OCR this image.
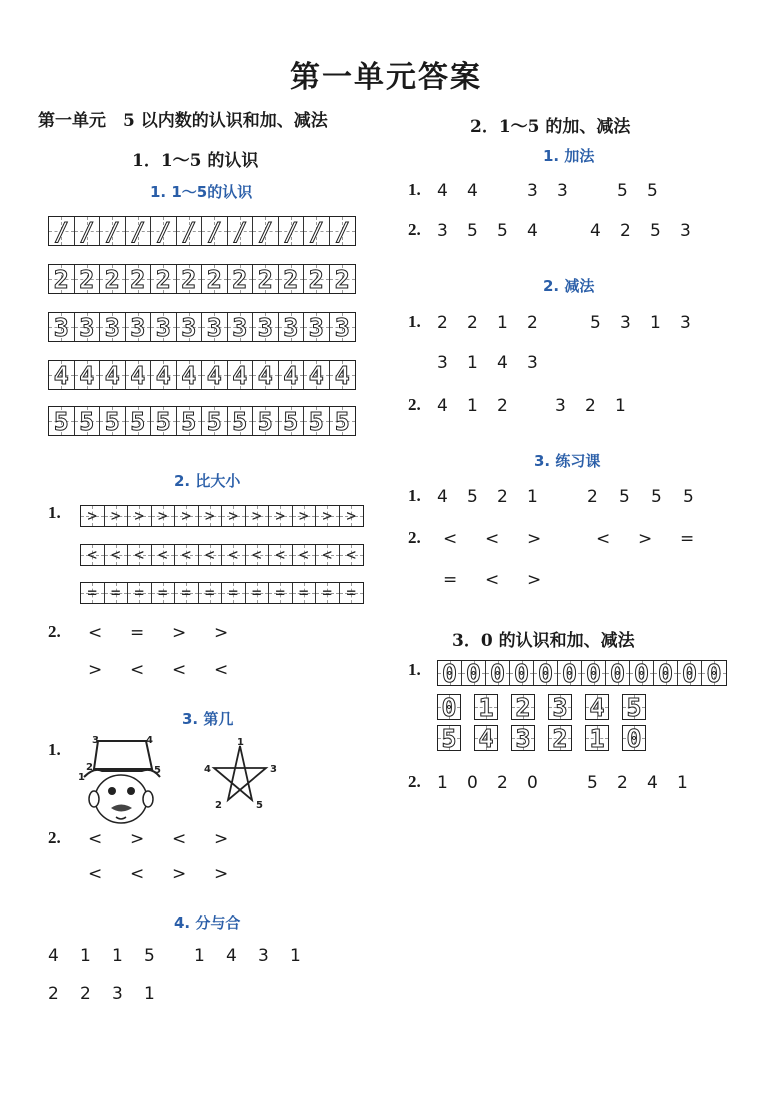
第一单元答案
第一单元　5 以内数的认识和加、减法
1．1～5 的认识
1. 1～5的认识
/ / / / / / / / / / / /
2 2 2 2 2 2 2 2 2 2 2 2
3 3 3 3 3 3 3 3 3 3 3 3
4 4 4 4 4 4 4 4 4 4 4 4
5 5 5 5 5 5 5 5 5 5 5 5
2. 比大小
1. > > > > > > > > > > > >
< < < < < < < < < < < <
= = = = = = = = = = = =
2. < = > >
> < < <
3. 第几
1.	3	4
2
1
5
1
2
3
4
5
2. < > < >
< < > >
4. 分与合
4 1 1 5	1 4 3 1
2 2 3 1
2．1～5 的加、减法
1. 加法
1. 4 4	3 3	5 5
2. 3 5 5 4	4 2 5 3
2. 减法
1. 2 2 1 2	5 3 1 3
3 1 4 3
2. 4 1 2	3 2 1
3. 练习课
1. 4 5 2 1	2 5 5 5
2. < < >	< > =
= < >
3．0 的认识和加、减法
1. 0 0 0 0 0 0 0 0 0 0 0 0
0 1 2 3 4 5
5 4 3 2 1 0
2. 1 0 2 0	5 2 4 1
